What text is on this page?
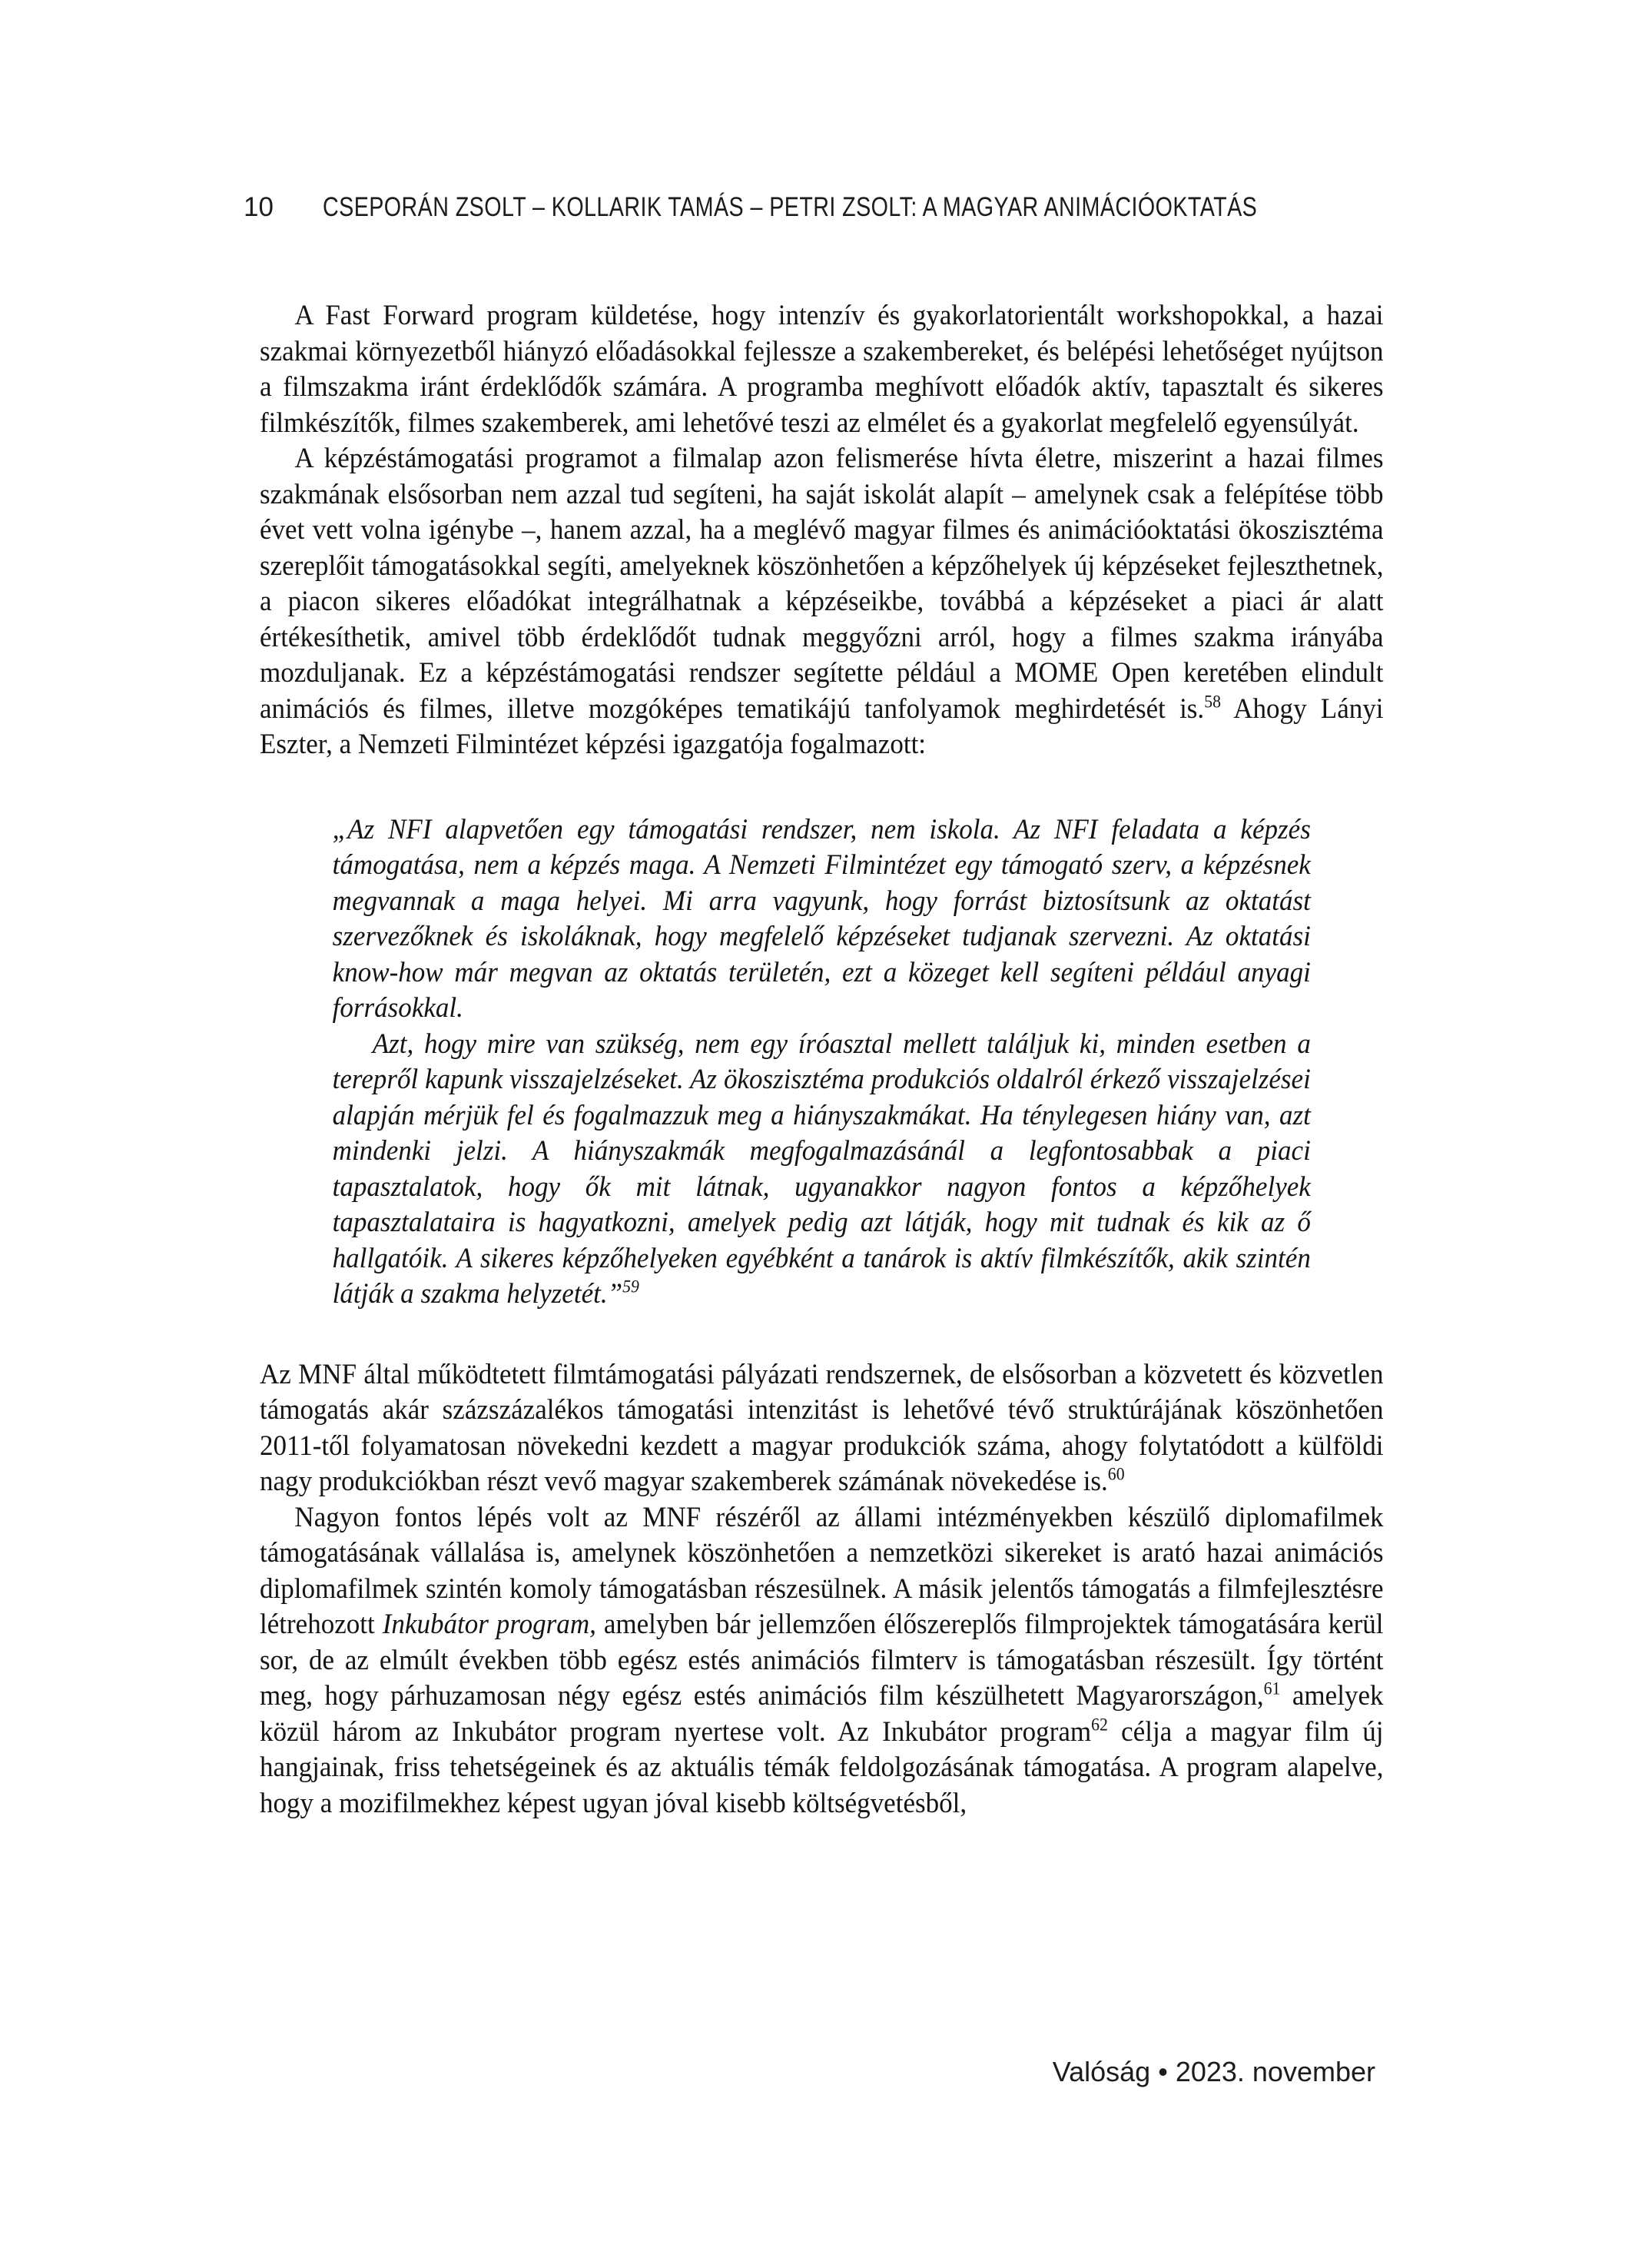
10 CSEPORÁN ZSOLT – KOLLARIK TAMÁS – PETRI ZSOLT: A MAGYAR ANIMÁCIÓOKTATÁS

A Fast Forward program küldetése, hogy intenzív és gyakorlatorientált workshopokkal, a hazai szakmai környezetből hiányzó előadásokkal fejlessze a szakembereket, és belépési lehetőséget nyújtson a filmszakma iránt érdeklődők számára. A programba meghívott előadók aktív, tapasztalt és sikeres filmkészítők, filmes szakemberek, ami lehetővé teszi az elmélet és a gyakorlat megfelelő egyensúlyát.

A képzéstámogatási programot a filmalap azon felismerése hívta életre, miszerint a hazai filmes szakmának elsősorban nem azzal tud segíteni, ha saját iskolát alapít – amelynek csak a felépítése több évet vett volna igénybe –, hanem azzal, ha a meglévő magyar filmes és animációoktatási ökoszisztéma szereplőit támogatásokkal segíti, amelyeknek köszönhetően a képzőhelyek új képzéseket fejleszthetnek, a piacon sikeres előadókat integrálhatnak a képzéseikbe, továbbá a képzéseket a piaci ár alatt értékesíthetik, amivel több érdeklődőt tudnak meggyőzni arról, hogy a filmes szakma irányába mozduljanak. Ez a képzéstámogatási rendszer segítette például a MOME Open keretében elindult animációs és filmes, illetve mozgóképes tematikájú tanfolyamok meghirdetését is.$^{58}$ Ahogy Lányi Eszter, a Nemzeti Filmintézet képzési igazgatója fogalmazott:

„Az NFI alapvetően egy támogatási rendszer, nem iskola. Az NFI feladata a képzés támogatása, nem a képzés maga. A Nemzeti Filmintézet egy támogató szerv, a képzésnek megvannak a maga helyei. Mi arra vagyunk, hogy forrást biztosítsunk az oktatást szervezőknek és iskoláknak, hogy megfelelő képzéseket tudjanak szervezni. Az oktatási know-how már megvan az oktatás területén, ezt a közeget kell segíteni például anyagi forrásokkal.

Azt, hogy mire van szükség, nem egy íróasztal mellett találjuk ki, minden esetben a terepről kapunk visszajelzéseket. Az ökoszisztéma produkciós oldalról érkező visszajelzései alapján mérjük fel és fogalmazzuk meg a hiányszakmákat. Ha ténylegesen hiány van, azt mindenki jelzi. A hiányszakmák megfogalmazásánál a legfontosabbak a piaci tapasztalatok, hogy ők mit látnak, ugyanakkor nagyon fontos a képzőhelyek tapasztalataira is hagyatkozni, amelyek pedig azt látják, hogy mit tudnak és kik az ő hallgatóik. A sikeres képzőhelyeken egyébként a tanárok is aktív filmkészítők, akik szintén látják a szakma helyzetét.”$^{59}$

Az MNF által működtetett filmtámogatási pályázati rendszernek, de elsősorban a közvetett és közvetlen támogatás akár százszázalékos támogatási intenzitást is lehetővé tévő struktúrájának köszönhetően 2011-től folyamatosan növekedni kezdett a magyar produkciók száma, ahogy folytatódott a külföldi nagy produkciókban részt vevő magyar szakemberek számának növekedése is.$^{60}$

Nagyon fontos lépés volt az MNF részéről az állami intézményekben készülő diplomafilmek támogatásának vállalása is, amelynek köszönhetően a nemzetközi sikereket is arató hazai animációs diplomafilmek szintén komoly támogatásban részesülnek. A másik jelentős támogatás a filmfejlesztésre létrehozott Inkubátor program, amelyben bár jellemzően élőszereplős filmprojektek támogatására kerül sor, de az elmúlt években több egész estés animációs filmterv is támogatásban részesült. Így történt meg, hogy párhuzamosan négy egész estés animációs film készülhetett Magyarországon,$^{61}$ amelyek közül három az Inkubátor program nyertese volt. Az Inkubátor program$^{62}$ célja a magyar film új hangjainak, friss tehetségeinek és az aktuális témák feldolgozásának támogatása. A program alapelve, hogy a mozifilmekhez képest ugyan jóval kisebb költségvetésből,

Valóság • 2023. november
